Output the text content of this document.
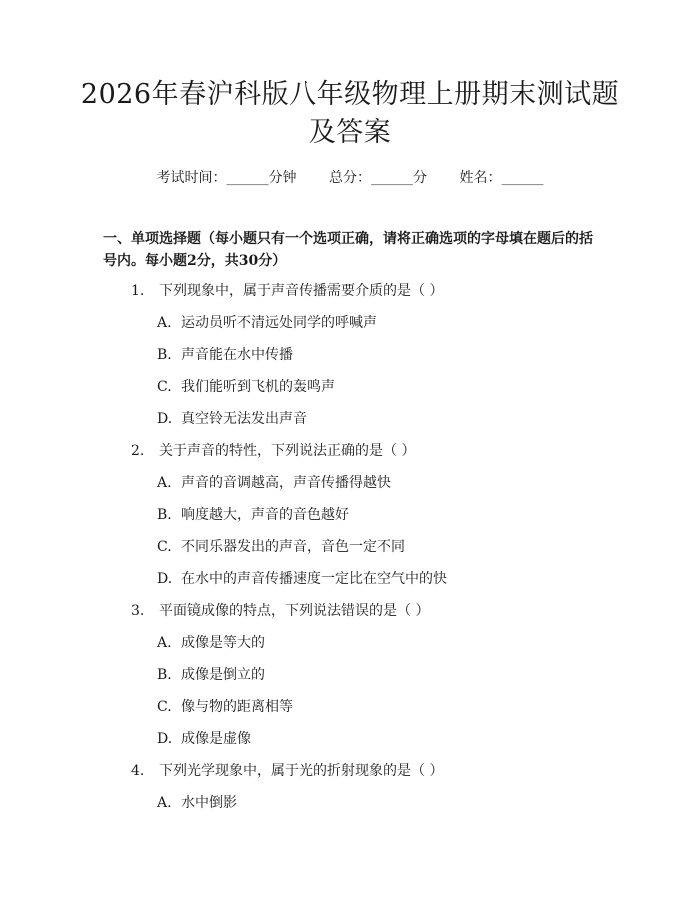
2026年春沪科版八年级物理上册期末测试题
及答案
考试时间：______分钟 总分：______分 姓名：______
一、单项选择题（每小题只有一个选项正确，请将正确选项的字母填在题后的括号内。每小题2分，共30分）
1. 下列现象中，属于声音传播需要介质的是（ ）
A. 运动员听不清远处同学的呼喊声
B. 声音能在水中传播
C. 我们能听到飞机的轰鸣声
D. 真空铃无法发出声音
2. 关于声音的特性，下列说法正确的是（ ）
A. 声音的音调越高，声音传播得越快
B. 响度越大，声音的音色越好
C. 不同乐器发出的声音，音色一定不同
D. 在水中的声音传播速度一定比在空气中的快
3. 平面镜成像的特点，下列说法错误的是（ ）
A. 成像是等大的
B. 成像是倒立的
C. 像与物的距离相等
D. 成像是虚像
4. 下列光学现象中，属于光的折射现象的是（ ）
A. 水中倒影
